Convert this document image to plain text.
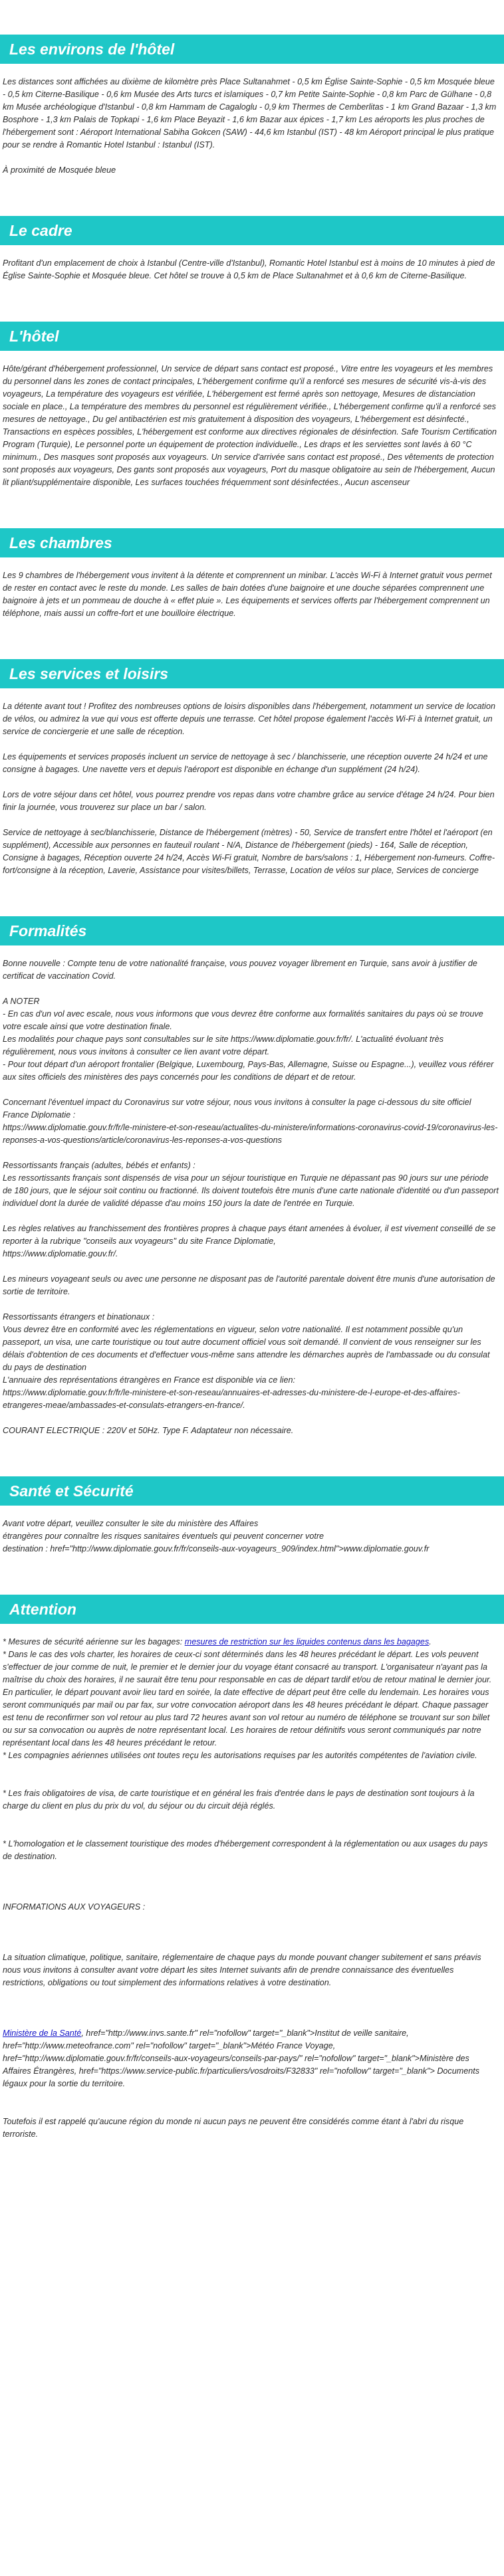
Les environs de l'hôtel

Les distances sont affichées au dixième de kilomètre près Place Sultanahmet - 0,5 km Église Sainte-Sophie - 0,5 km Mosquée bleue - 0,5 km Citerne-Basilique - 0,6 km Musée des Arts turcs et islamiques - 0,7 km Petite Sainte-Sophie - 0,8 km Parc de Gülhane - 0,8 km Musée archéologique d'Istanbul - 0,8 km Hammam de Cagaloglu - 0,9 km Thermes de Cemberlitas - 1 km Grand Bazaar - 1,3 km Bosphore - 1,3 km Palais de Topkapi - 1,6 km Place Beyazit - 1,6 km Bazar aux épices - 1,7 km Les aéroports les plus proches de l'hébergement sont : Aéroport International Sabiha Gokcen (SAW) - 44,6 km Istanbul (IST) - 48 km Aéroport principal le plus pratique pour se rendre à Romantic Hotel Istanbul : Istanbul (IST).

À proximité de Mosquée bleue

Le cadre

Profitant d'un emplacement de choix à Istanbul (Centre-ville d'Istanbul), Romantic Hotel Istanbul est à moins de 10 minutes à pied de Église Sainte-Sophie et Mosquée bleue. Cet hôtel se trouve à 0,5 km de Place Sultanahmet et à 0,6 km de Citerne-Basilique.

L'hôtel

Hôte/gérant d'hébergement professionnel, Un service de départ sans contact est proposé., Vitre entre les voyageurs et les membres du personnel dans les zones de contact principales, L'hébergement confirme qu'il a renforcé ses mesures de sécurité vis-à-vis des voyageurs, La température des voyageurs est vérifiée, L'hébergement est fermé après son nettoyage, Mesures de distanciation sociale en place., La température des membres du personnel est régulièrement vérifiée., L'hébergement confirme qu'il a renforcé ses mesures de nettoyage., Du gel antibactérien est mis gratuitement à disposition des voyageurs, L'hébergement est désinfecté., Transactions en espèces possibles, L'hébergement est conforme aux directives régionales de désinfection. Safe Tourism Certification Program (Turquie), Le personnel porte un équipement de protection individuelle., Les draps et les serviettes sont lavés à 60 °C minimum., Des masques sont proposés aux voyageurs. Un service d'arrivée sans contact est proposé., Des vêtements de protection sont proposés aux voyageurs, Des gants sont proposés aux voyageurs, Port du masque obligatoire au sein de l'hébergement, Aucun lit pliant/supplémentaire disponible, Les surfaces touchées fréquemment sont désinfectées., Aucun ascenseur

Les chambres

Les 9 chambres de l'hébergement vous invitent à la détente et comprennent un minibar. L'accès Wi-Fi à Internet gratuit vous permet de rester en contact avec le reste du monde. Les salles de bain dotées d'une baignoire et une douche séparées comprennent une baignoire à jets et un pommeau de douche à « effet pluie ». Les équipements et services offerts par l'hébergement comprennent un téléphone, mais aussi un coffre-fort et une bouilloire électrique.

Les services et loisirs

La détente avant tout ! Profitez des nombreuses options de loisirs disponibles dans l'hébergement, notamment un service de location de vélos, ou admirez la vue qui vous est offerte depuis une terrasse. Cet hôtel propose également l'accès Wi-Fi à Internet gratuit, un service de conciergerie et une salle de réception.

Les équipements et services proposés incluent un service de nettoyage à sec / blanchisserie, une réception ouverte 24 h/24 et une consigne à bagages. Une navette vers et depuis l'aéroport est disponible en échange d'un supplément (24 h/24).

Lors de votre séjour dans cet hôtel, vous pourrez prendre vos repas dans votre chambre grâce au service d'étage 24 h/24. Pour bien finir la journée, vous trouverez sur place un bar / salon.

Service de nettoyage à sec/blanchisserie, Distance de l'hébergement (mètres) - 50, Service de transfert entre l'hôtel et l'aéroport (en supplément), Accessible aux personnes en fauteuil roulant - N/A, Distance de l'hébergement (pieds) - 164, Salle de réception, Consigne à bagages, Réception ouverte 24 h/24, Accès Wi-Fi gratuit, Nombre de bars/salons : 1, Hébergement non-fumeurs. Coffre-fort/consigne à la réception, Laverie, Assistance pour visites/billets, Terrasse, Location de vélos sur place, Services de concierge

Formalités

Bonne nouvelle : Compte tenu de votre nationalité française, vous pouvez voyager librement en Turquie, sans avoir à justifier de certificat de vaccination Covid.

A NOTER
- En cas d'un vol avec escale, nous vous informons que vous devrez être conforme aux formalités sanitaires du pays où se trouve votre escale ainsi que votre destination finale.
Les modalités pour chaque pays sont consultables sur le site https://www.diplomatie.gouv.fr/fr/. L'actualité évoluant très régulièrement, nous vous invitons à consulter ce lien avant votre départ.
- Pour tout départ d'un aéroport frontalier (Belgique, Luxembourg, Pays-Bas, Allemagne, Suisse ou Espagne...), veuillez vous référer aux sites officiels des ministères des pays concernés pour les conditions de départ et de retour.

Concernant l'éventuel impact du Coronavirus sur votre séjour, nous vous invitons à consulter la page ci-dessous du site officiel France Diplomatie :
https://www.diplomatie.gouv.fr/fr/le-ministere-et-son-reseau/actualites-du-ministere/informations-coronavirus-covid-19/coronavirus-les-reponses-a-vos-questions/article/coronavirus-les-reponses-a-vos-questions

Ressortissants français (adultes, bébés et enfants) :
Les ressortissants français sont dispensés de visa pour un séjour touristique en Turquie ne dépassant pas 90 jours sur une période de 180 jours, que le séjour soit continu ou fractionné. Ils doivent toutefois être munis d'une carte nationale d'identité ou d'un passeport individuel dont la durée de validité dépasse d'au moins 150 jours la date de l'entrée en Turquie.

Les règles relatives au franchissement des frontières propres à chaque pays étant amenées à évoluer, il est vivement conseillé de se reporter à la rubrique "conseils aux voyageurs" du site France Diplomatie,
https://www.diplomatie.gouv.fr/.

Les mineurs voyageant seuls ou avec une personne ne disposant pas de l'autorité parentale doivent être munis d'une autorisation de sortie de territoire.

Ressortissants étrangers et binationaux :
Vous devrez être en conformité avec les réglementations en vigueur, selon votre nationalité. Il est notamment possible qu'un passeport, un visa, une carte touristique ou tout autre document officiel vous soit demandé. Il convient de vous renseigner sur les délais d'obtention de ces documents et d'effectuer vous-même sans attendre les démarches auprès de l'ambassade ou du consulat du pays de destination
L'annuaire des représentations étrangères en France est disponible via ce lien:
https://www.diplomatie.gouv.fr/fr/le-ministere-et-son-reseau/annuaires-et-adresses-du-ministere-de-l-europe-et-des-affaires-etrangeres-meae/ambassades-et-consulats-etrangers-en-france/.

COURANT ELECTRIQUE : 220V et 50Hz. Type F. Adaptateur non nécessaire.

Santé et Sécurité

Avant votre départ, veuillez consulter le site du ministère des Affaires
étrangères pour connaître les risques sanitaires éventuels qui peuvent concerner votre
destination : href="http://www.diplomatie.gouv.fr/fr/conseils-aux-voyageurs_909/index.html">www.diplomatie.gouv.fr

Attention

* Mesures de sécurité aérienne sur les bagages: mesures de restriction sur les liquides contenus dans les bagages.

* Dans le cas des vols charter, les horaires de ceux-ci sont déterminés dans les 48 heures précédant le départ. Les vols peuvent s'effectuer de jour comme de nuit, le premier et le dernier jour du voyage étant consacré au transport. L'organisateur n'ayant pas la maîtrise du choix des horaires, il ne saurait être tenu pour responsable en cas de départ tardif et/ou de retour matinal le dernier jour. En particulier, le départ pouvant avoir lieu tard en soirée, la date effective de départ peut être celle du lendemain. Les horaires vous seront communiqués par mail ou par fax, sur votre convocation aéroport dans les 48 heures précédant le départ. Chaque passager est tenu de reconfirmer son vol retour au plus tard 72 heures avant son vol retour au numéro de téléphone se trouvant sur son billet ou sur sa convocation ou auprès de notre représentant local. Les horaires de retour définitifs vous seront communiqués par notre représentant local dans les 48 heures précédant le retour.
* Les compagnies aériennes utilisées ont toutes reçu les autorisations requises par les autorités compétentes de l'aviation civile.

* Les frais obligatoires de visa, de carte touristique et en général les frais d'entrée dans le pays de destination sont toujours à la charge du client en plus du prix du vol, du séjour ou du circuit déjà réglés.

* L'homologation et le classement touristique des modes d'hébergement correspondent à la réglementation ou aux usages du pays de destination.

INFORMATIONS AUX VOYAGEURS :

La situation climatique, politique, sanitaire, réglementaire de chaque pays du monde pouvant changer subitement et sans préavis
nous vous invitons à consulter avant votre départ les sites Internet suivants afin de prendre connaissance des éventuelles restrictions, obligations ou tout simplement des informations relatives à votre destination.

Ministère de la Santé, href="http://www.invs.sante.fr" rel="nofollow" target="_blank">Institut de veille sanitaire, href="http://www.meteofrance.com" rel="nofollow" target="_blank">Météo France Voyage, href="http://www.diplomatie.gouv.fr/fr/conseils-aux-voyageurs/conseils-par-pays/" rel="nofollow" target="_blank">Ministère des Affaires Étrangères, href="https://www.service-public.fr/particuliers/vosdroits/F32833" rel="nofollow" target="_blank"> Documents légaux pour la sortie du territoire.

Toutefois il est rappelé qu'aucune région du monde ni aucun pays ne peuvent être considérés comme étant à l'abri du risque terroriste.
